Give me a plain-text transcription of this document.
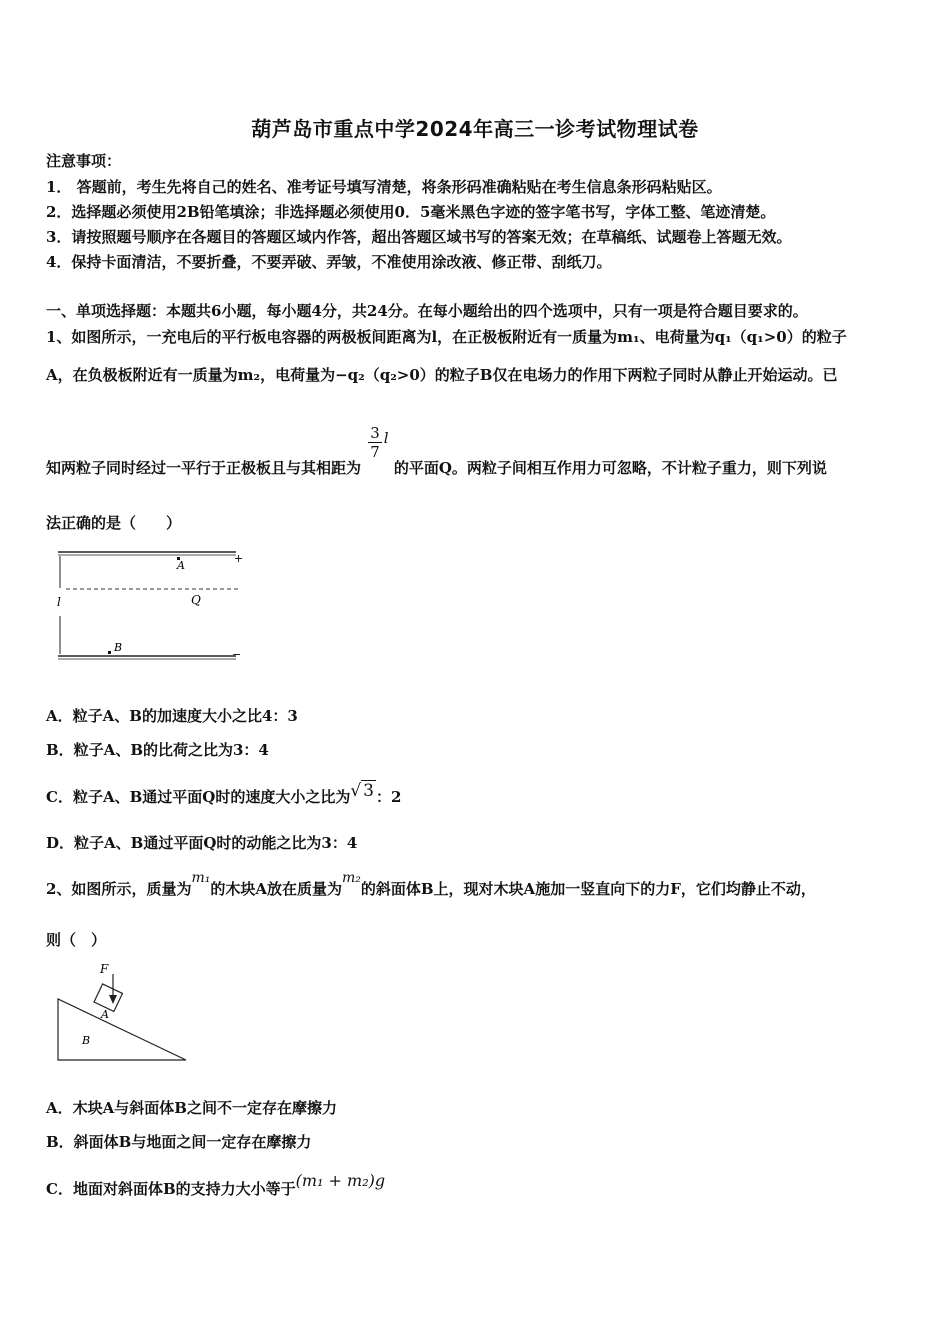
葫芦岛市重点中学2024年高三一诊考试物理试卷
注意事项：
1． 答题前，考生先将自己的姓名、准考证号填写清楚，将条形码准确粘贴在考生信息条形码粘贴区。
2．选择题必须使用2B铅笔填涂；非选择题必须使用0．5毫米黑色字迹的签字笔书写，字体工整、笔迹清楚。
3．请按照题号顺序在各题目的答题区域内作答，超出答题区域书写的答案无效；在草稿纸、试题卷上答题无效。
4．保持卡面清洁，不要折叠，不要弄破、弄皱，不准使用涂改液、修正带、刮纸刀。
一、单项选择题：本题共6小题，每小题4分，共24分。在每小题给出的四个选项中，只有一项是符合题目要求的。
1、如图所示，一充电后的平行板电容器的两极板间距离为l，在正极板附近有一质量为m₁、电荷量为q₁（q₁>0）的粒子
A，在负极板附近有一质量为m₂，电荷量为−q₂（q₂>0）的粒子B仅在电场力的作用下两粒子同时从静止开始运动。已
知两粒子同时经过一平行于正极板且与其相距为
$\frac{3}{7}$ l 的平面Q。两粒子间相互作用力可忽略，不计粒子重力，则下列说
法正确的是（　　）
+
−
l	Q
A
B
A．粒子A、B的加速度大小之比4：3
B．粒子A、B的比荷之比为3：4
C．粒子A、B通过平面Q时的速度大小之比为√ 3 ：2
D．粒子A、B通过平面Q时的动能之比为3：4
2、如图所示，质量为m₁的木块A放在质量为m₂的斜面体B上，现对木块A施加一竖直向下的力F，它们均静止不动，
则（　）
A
F
B
A．木块A与斜面体B之间不一定存在摩擦力
B．斜面体B与地面之间一定存在摩擦力
C．地面对斜面体B的支持力大小等于(m₁ + m₂)g
